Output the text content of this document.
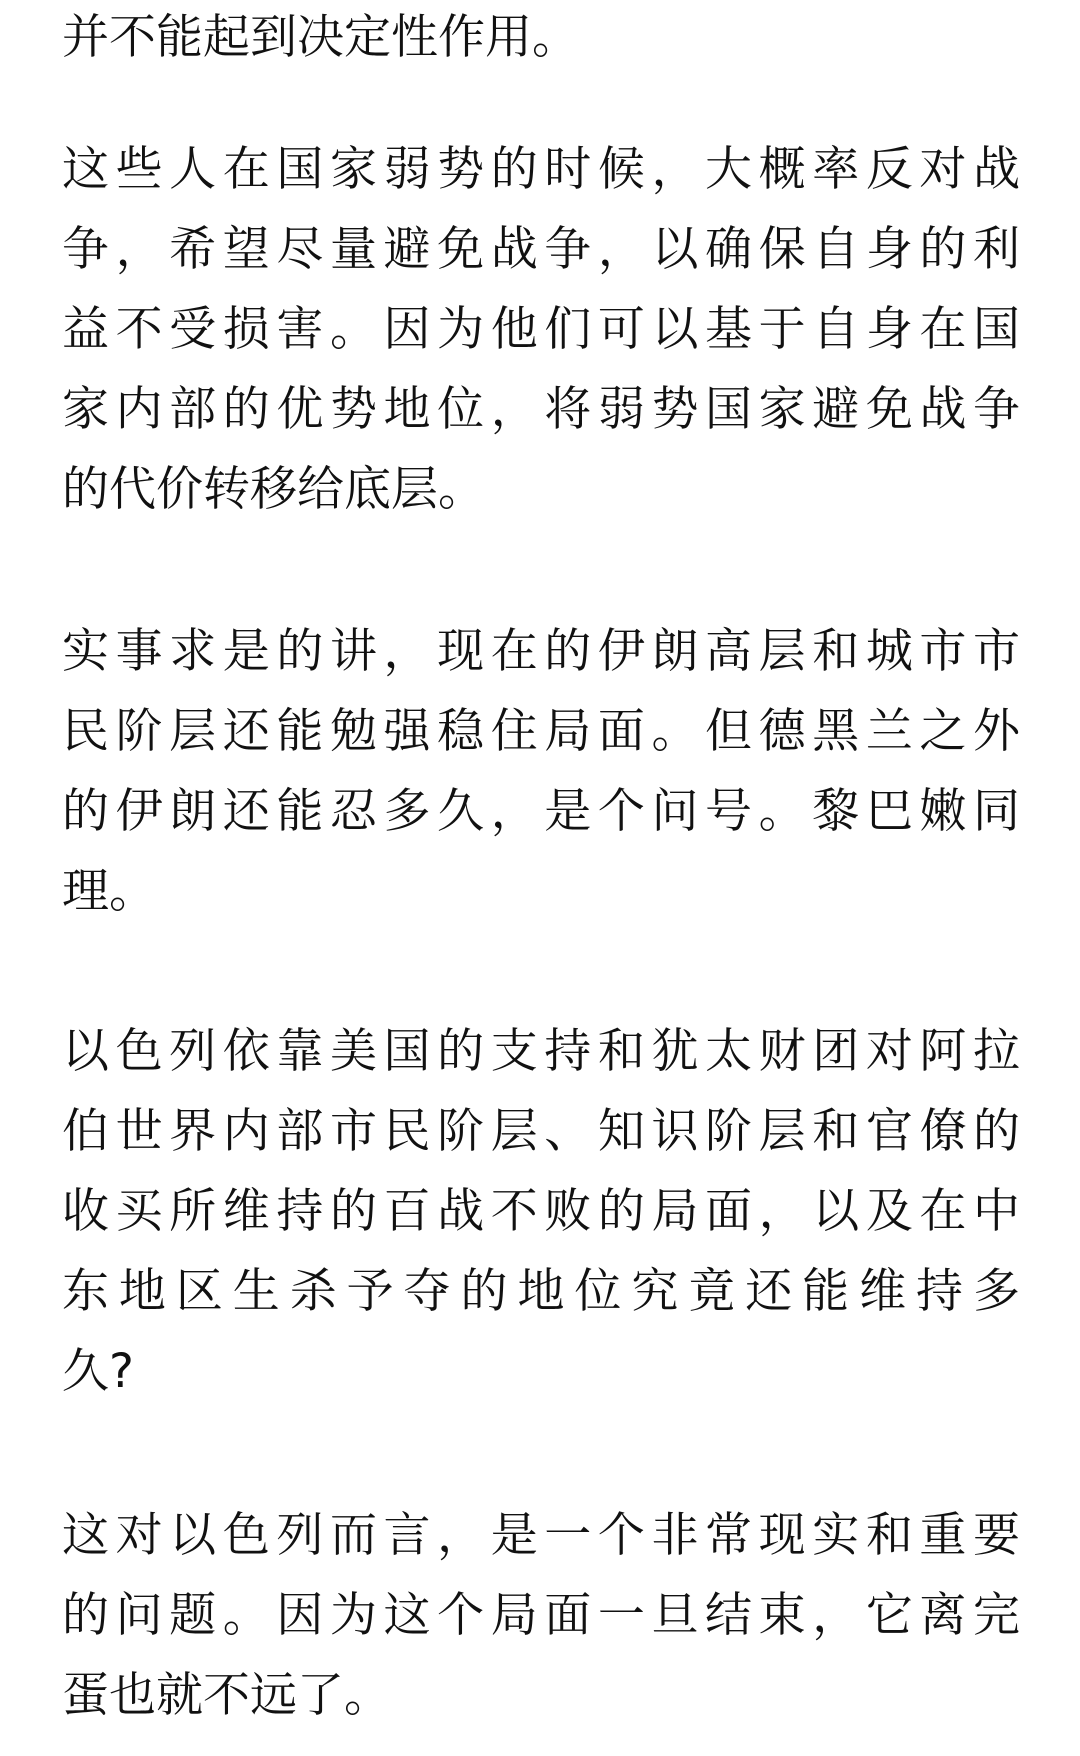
并不能起到决定性作用。
这些人在国家弱势的时候，大概率反对战
争，希望尽量避免战争，以确保自身的利
益不受损害。因为他们可以基于自身在国
家内部的优势地位，将弱势国家避免战争
的代价转移给底层。
实事求是的讲，现在的伊朗高层和城市市
民阶层还能勉强稳住局面。但德黑兰之外
的伊朗还能忍多久，是个问号。黎巴嫩同
理。
以色列依靠美国的支持和犹太财团对阿拉
伯世界内部市民阶层、知识阶层和官僚的
收买所维持的百战不败的局面，以及在中
东地区生杀予夺的地位究竟还能维持多
久?
这对以色列而言，是一个非常现实和重要
的问题。因为这个局面一旦结束，它离完
蛋也就不远了。
